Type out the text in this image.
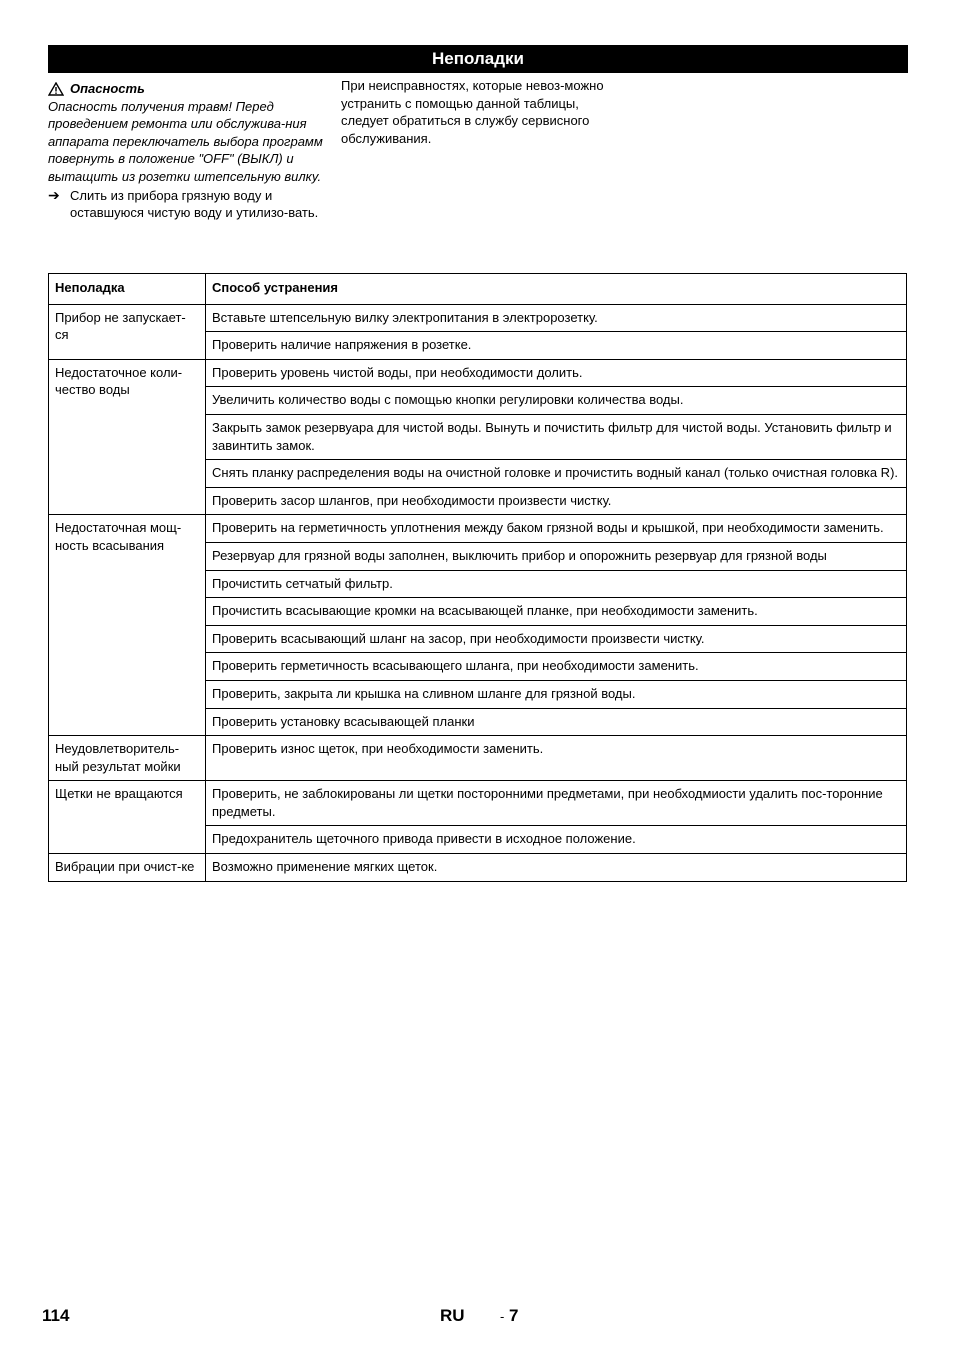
Неполадки
Опасность
Опасность получения травм! Перед проведением ремонта или обслужива-ния аппарата переключатель выбора программ повернуть в положение "OFF" (ВЫКЛ) и вытащить из розетки штепсельную вилку.
➔ Слить из прибора грязную воду и оставшуюся чистую воду и утилизо-вать.
При неисправностях, которые невоз-можно устранить с помощью данной таблицы, следует обратиться в службу сервисного обслуживания.
Неполадка	Способ устранения
Прибор не запускает-ся	Вставьте штепсельную вилку электропитания в электророзетку.
	Проверить наличие напряжения в розетке.
Недостаточное коли-чество воды	Проверить уровень чистой воды, при необходимости долить.
	Увеличить количество воды с помощью кнопки регулировки количества воды.
	Закрыть замок резервуара для чистой воды. Вынуть и почистить фильтр для чистой воды. Установить фильтр и завинтить замок.
	Снять планку распределения воды на очистной головке и прочистить водный канал (только очистная головка R).
	Проверить засор шлангов, при необходимости произвести чистку.
Недостаточная мощ-ность всасывания	Проверить на герметичность уплотнения между баком грязной воды и крышкой, при необходимости заменить.
	Резервуар для грязной воды заполнен, выключить прибор и опорожнить резервуар для грязной воды
	Прочистить сетчатый фильтр.
	Прочистить всасывающие кромки на всасывающей планке, при необходимости заменить.
	Проверить всасывающий шланг на засор, при необходимости произвести чистку.
	Проверить герметичность всасывающего шланга, при необходимости заменить.
	Проверить, закрыта ли крышка на сливном шланге для грязной воды.
	Проверить установку всасывающей планки
Неудовлетворитель-ный результат мойки	Проверить износ щеток, при необходимости заменить.
Щетки не вращаются	Проверить, не заблокированы ли щетки посторонними предметами, при необходмиости удалить пос-торонние предметы.
	Предохранитель щеточного привода привести в исходное положение.
Вибрации при очист-ке	Возможно применение мягких щеток.
114	RU	- 7
